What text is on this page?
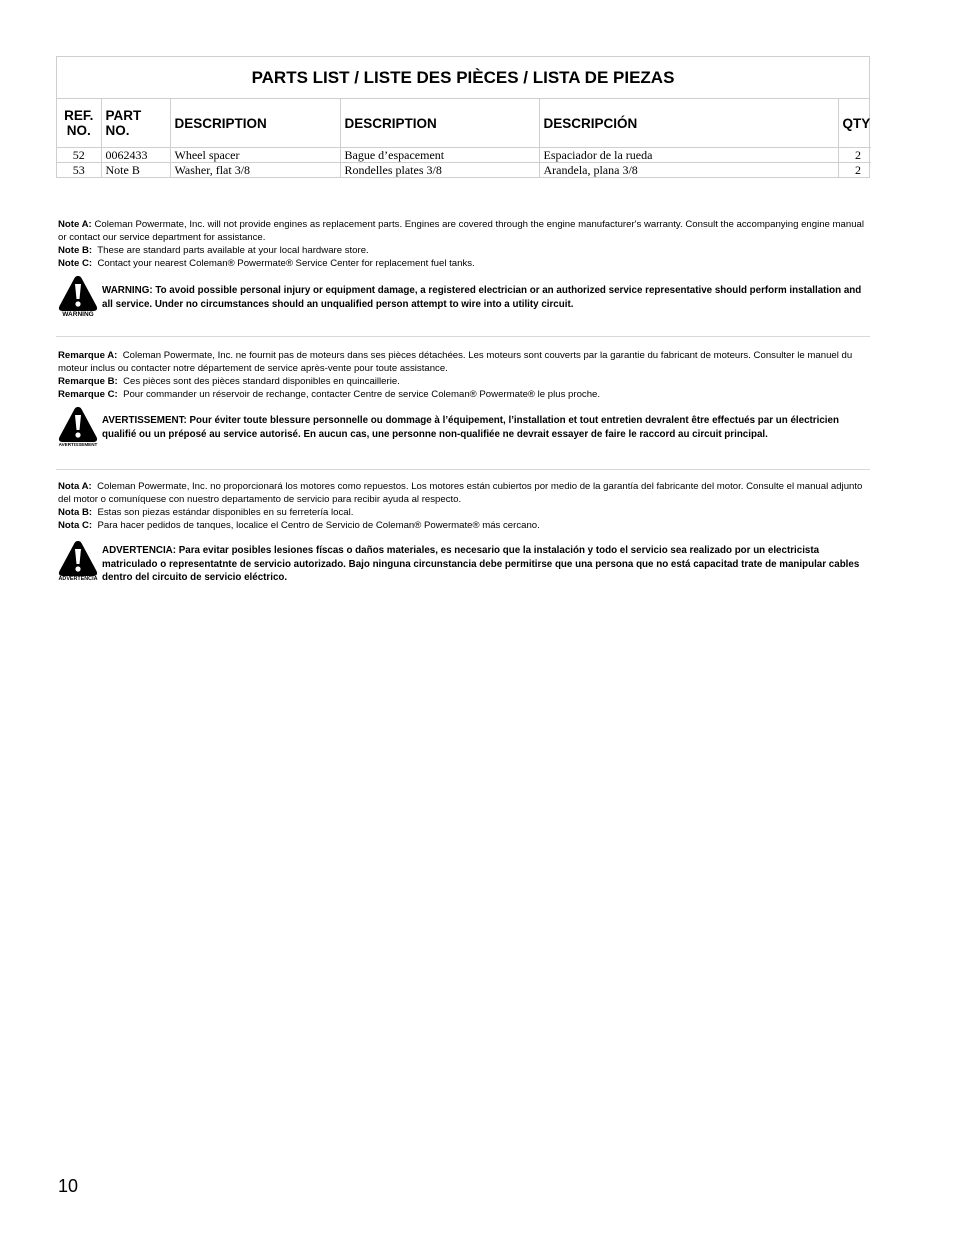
PARTS LIST / LISTE DES PIÈCES / LISTA DE PIEZAS
REF. NO.	PART NO.	DESCRIPTION	DESCRIPTION	DESCRIPCIÓN	QTY
52	0062433	Wheel spacer	Bague d’espacement	Espaciador de la rueda	2
53	Note B	Washer, flat 3/8	Rondelles plates 3/8	Arandela, plana 3/8	2

Note A: Coleman Powermate, Inc. will not provide engines as replacement parts. Engines are covered through the engine manufacturer's warranty. Consult the accompanying engine manual or contact our service department for assistance.

Note B: These are standard parts available at your local hardware store.

Note C: Contact your nearest Coleman® Powermate® Service Center for replacement fuel tanks.

WARNING
WARNING: To avoid possible personal injury or equipment damage, a registered electrician or an authorized service representative should perform installation and all service. Under no circumstances should an unqualified person attempt to wire into a utility circuit.

Remarque A: Coleman Powermate, Inc. ne fournit pas de moteurs dans ses pièces détachées. Les moteurs sont couverts par la garantie du fabricant de moteurs. Consulter le manuel du moteur inclus ou contacter notre département de service après-vente pour toute assistance.

Remarque B: Ces pièces sont des pièces standard disponibles en quincaillerie.

Remarque C: Pour commander un réservoir de rechange, contacter Centre de service Coleman® Powermate® le plus proche.

AVERTISSEMENT
AVERTISSEMENT: Pour éviter toute blessure personnelle ou dommage à l’équipement, l’installation et tout entretien devralent être effectués par un électricien qualifié ou un préposé au service autorisé. En aucun cas, une personne non-qualifiée ne devrait essayer de faire le raccord au circuit principal.

Nota A: Coleman Powermate, Inc. no proporcionará los motores como repuestos. Los motores están cubiertos por medio de la garantía del fabricante del motor. Consulte el manual adjunto del motor o comuníquese con nuestro departamento de servicio para recibir ayuda al respecto.

Nota B: Estas son piezas estándar disponibles en su ferretería local.

Nota C: Para hacer pedidos de tanques, localice el Centro de Servicio de Coleman® Powermate® más cercano.

ADVERTENCIA
ADVERTENCIA: Para evitar posibles lesiones físcas o daños materiales, es necesario que la instalación y todo el servicio sea realizado por un electricista matriculado o representatnte de servicio autorizado. Bajo ninguna circunstancia debe permitirse que una persona que no está capacitad trate de manipular cables dentro del circuito de servicio eléctrico.
10
